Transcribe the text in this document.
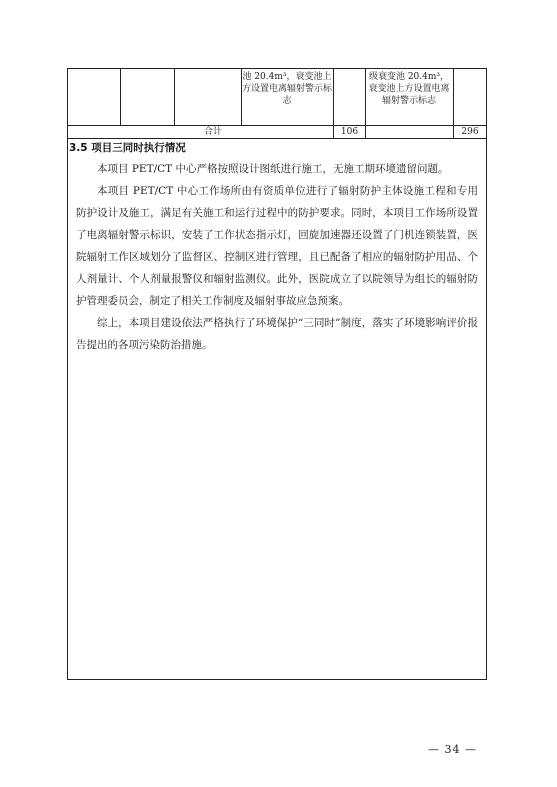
池 20.4m³，衰变池上方设置电离辐射警示标志
级衰变池 20.4m³，衰变池上方设置电离辐射警示标志
合计	106	296
3.5 项目三同时执行情况

本项目 PET/CT 中心严格按照设计图纸进行施工，无施工期环境遗留问题。

本项目 PET/CT 中心工作场所由有资质单位进行了辐射防护主体设施工程和专用防护设计及施工，满足有关施工和运行过程中的防护要求。同时，本项目工作场所设置了电离辐射警示标识，安装了工作状态指示灯，回旋加速器还设置了门机连锁装置，医院辐射工作区域划分了监督区、控制区进行管理，且已配备了相应的辐射防护用品、个人剂量计、个人剂量报警仪和辐射监测仪。此外，医院成立了以院领导为组长的辐射防护管理委员会，制定了相关工作制度及辐射事故应急预案。

综上，本项目建设依法严格执行了环境保护“三同时”制度，落实了环境影响评价报告提出的各项污染防治措施。

— 34 —
